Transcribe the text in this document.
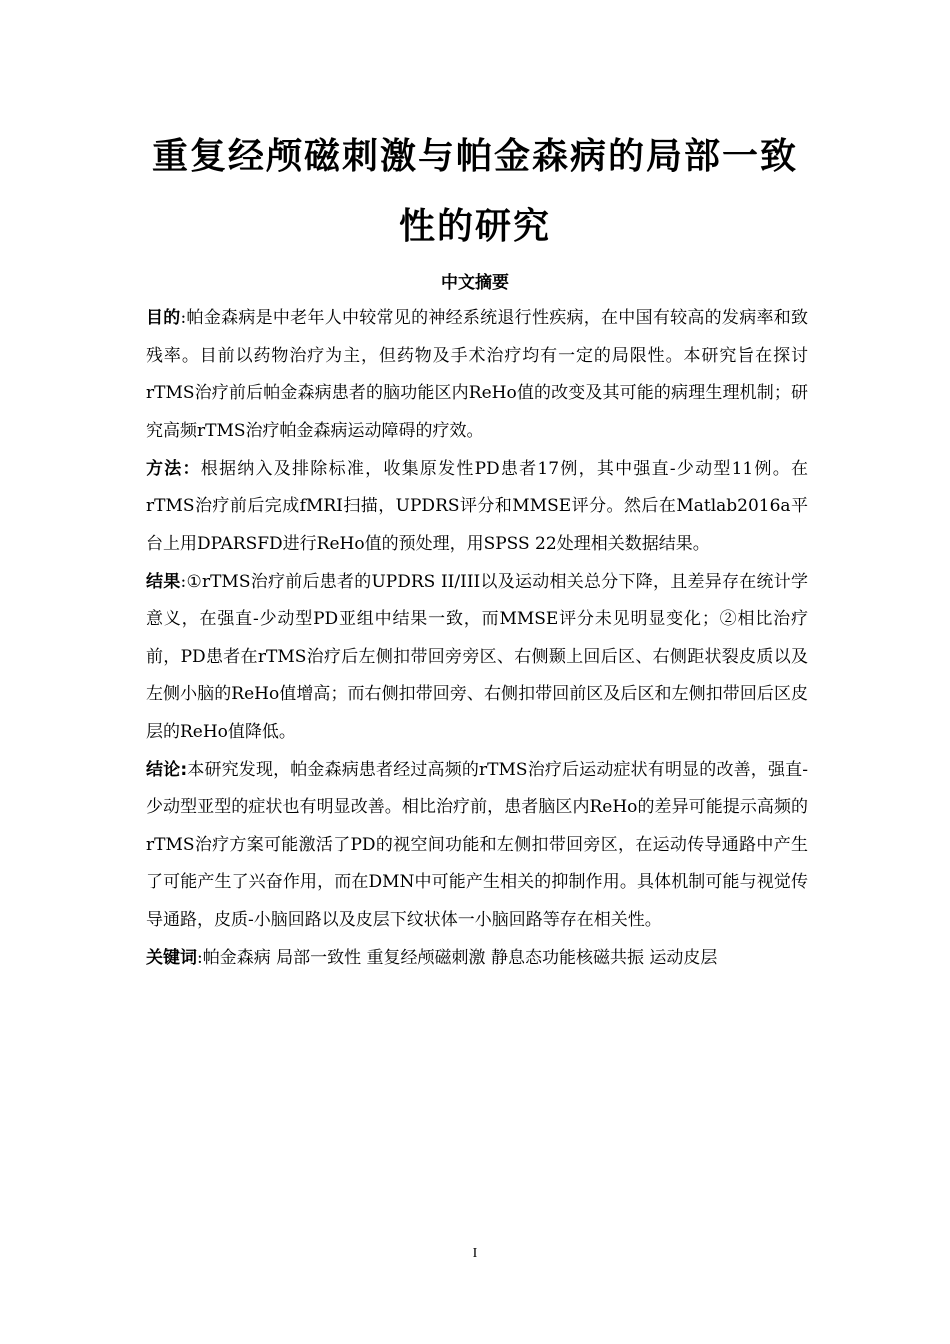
重复经颅磁刺激与帕金森病的局部一致性的研究
中文摘要

目的:帕金森病是中老年人中较常见的神经系统退行性疾病，在中国有较高的发病率和致残率。目前以药物治疗为主，但药物及手术治疗均有一定的局限性。本研究旨在探讨rTMS治疗前后帕金森病患者的脑功能区内ReHo值的改变及其可能的病理生理机制；研究高频rTMS治疗帕金森病运动障碍的疗效。

方法：根据纳入及排除标准，收集原发性PD患者17例，其中强直-少动型11例。在rTMS治疗前后完成fMRI扫描，UPDRS评分和MMSE评分。然后在Matlab2016a平台上用DPARSFD进行ReHo值的预处理，用SPSS 22处理相关数据结果。

结果:①rTMS治疗前后患者的UPDRS II/III以及运动相关总分下降，且差异存在统计学意义，在强直-少动型PD亚组中结果一致，而MMSE评分未见明显变化；②相比治疗前，PD患者在rTMS治疗后左侧扣带回旁旁区、右侧颞上回后区、右侧距状裂皮质以及左侧小脑的ReHo值增高；而右侧扣带回旁、右侧扣带回前区及后区和左侧扣带回后区皮层的ReHo值降低。

结论:本研究发现，帕金森病患者经过高频的rTMS治疗后运动症状有明显的改善，强直-少动型亚型的症状也有明显改善。相比治疗前，患者脑区内ReHo的差异可能提示高频的rTMS治疗方案可能激活了PD的视空间功能和左侧扣带回旁区，在运动传导通路中产生了可能产生了兴奋作用，而在DMN中可能产生相关的抑制作用。具体机制可能与视觉传导通路，皮质-小脑回路以及皮层下纹状体一小脑回路等存在相关性。

关键词:帕金森病 局部一致性 重复经颅磁刺激 静息态功能核磁共振 运动皮层

I
